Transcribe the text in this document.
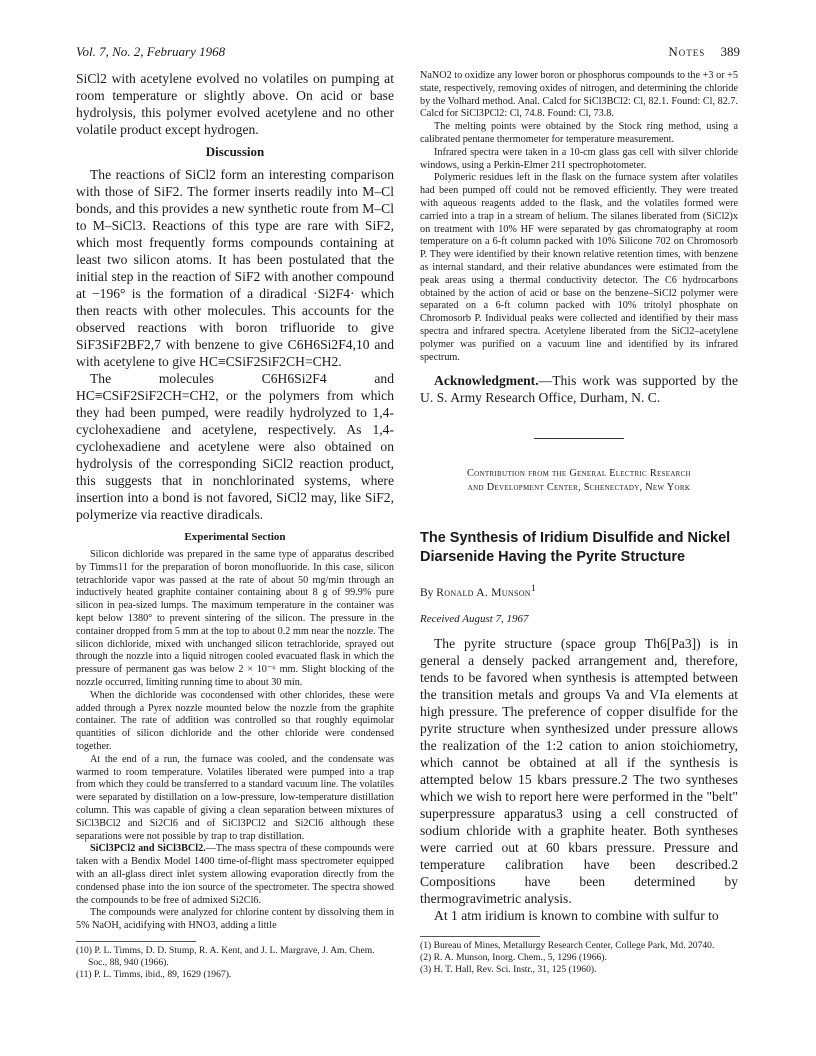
Vol. 7, No. 2, February 1968	Notes 389

SiCl2 with acetylene evolved no volatiles on pumping at room temperature or slightly above. On acid or base hydrolysis, this polymer evolved acetylene and no other volatile product except hydrogen.

Discussion

The reactions of SiCl2 form an interesting comparison with those of SiF2. The former inserts readily into M–Cl bonds, and this provides a new synthetic route from M–Cl to M–SiCl3. Reactions of this type are rare with SiF2, which most frequently forms compounds containing at least two silicon atoms. It has been postulated that the initial step in the reaction of SiF2 with another compound at −196° is the formation of a diradical ·Si2F4· which then reacts with other molecules. This accounts for the observed reactions with boron trifluoride to give SiF3SiF2BF2,7 with benzene to give C6H6Si2F4,10 and with acetylene to give HC≡CSiF2SiF2CH=CH2.

The molecules C6H6Si2F4 and HC≡CSiF2SiF2CH=CH2, or the polymers from which they had been pumped, were readily hydrolyzed to 1,4-cyclohexadiene and acetylene, respectively. As 1,4-cyclohexadiene and acetylene were also obtained on hydrolysis of the corresponding SiCl2 reaction product, this suggests that in nonchlorinated systems, where insertion into a bond is not favored, SiCl2 may, like SiF2, polymerize via reactive diradicals.

Experimental Section

Silicon dichloride was prepared in the same type of apparatus described by Timms11 for the preparation of boron monofluoride. In this case, silicon tetrachloride vapor was passed at the rate of about 50 mg/min through an inductively heated graphite container containing about 8 g of 99.9% pure silicon in pea-sized lumps. The maximum temperature in the container was kept below 1380° to prevent sintering of the silicon. The pressure in the container dropped from 5 mm at the top to about 0.2 mm near the nozzle. The silicon dichloride, mixed with unchanged silicon tetrachloride, sprayed out through the nozzle into a liquid nitrogen cooled evacuated flask in which the pressure of permanent gas was below 2 × 10⁻⁶ mm. Slight blocking of the nozzle occurred, limiting running time to about 30 min.

When the dichloride was cocondensed with other chlorides, these were added through a Pyrex nozzle mounted below the nozzle from the graphite container. The rate of addition was controlled so that roughly equimolar quantities of silicon dichloride and the other chloride were condensed together.

At the end of a run, the furnace was cooled, and the condensate was warmed to room temperature. Volatiles liberated were pumped into a trap from which they could be transferred to a standard vacuum line. The volatiles were separated by distillation on a low-pressure, low-temperature distillation column. This was capable of giving a clean separation between mixtures of SiCl3BCl2 and Si2Cl6 and of SiCl3PCl2 and Si2Cl6 although these separations were not possible by trap to trap distillation.

SiCl3PCl2 and SiCl3BCl2.—The mass spectra of these compounds were taken with a Bendix Model 1400 time-of-flight mass spectrometer equipped with an all-glass direct inlet system allowing evaporation directly from the condensed phase into the ion source of the spectrometer. The spectra showed the compounds to be free of admixed Si2Cl6.

The compounds were analyzed for chlorine content by dissolving them in 5% NaOH, acidifying with HNO3, adding a little

(10) P. L. Timms, D. D. Stump, R. A. Kent, and J. L. Margrave, J. Am. Chem. Soc., 88, 940 (1966).

(11) P. L. Timms, ibid., 89, 1629 (1967).

NaNO2 to oxidize any lower boron or phosphorus compounds to the +3 or +5 state, respectively, removing oxides of nitrogen, and determining the chloride by the Volhard method. Anal. Calcd for SiCl3BCl2: Cl, 82.1. Found: Cl, 82.7. Calcd for SiCl3PCl2: Cl, 74.8. Found: Cl, 73.8.

The melting points were obtained by the Stock ring method, using a calibrated pentane thermometer for temperature measurement.

Infrared spectra were taken in a 10-cm glass gas cell with silver chloride windows, using a Perkin-Elmer 211 spectrophotometer.

Polymeric residues left in the flask on the furnace system after volatiles had been pumped off could not be removed efficiently. They were treated with aqueous reagents added to the flask, and the volatiles formed were carried into a trap in a stream of helium. The silanes liberated from (SiCl2)x on treatment with 10% HF were separated by gas chromatography at room temperature on a 6-ft column packed with 10% Silicone 702 on Chromosorb P. They were identified by their known relative retention times, with benzene as internal standard, and their relative abundances were estimated from the peak areas using a thermal conductivity detector. The C6 hydrocarbons obtained by the action of acid or base on the benzene–SiCl2 polymer were separated on a 6-ft column packed with 10% tritolyl phosphate on Chromosorb P. Individual peaks were collected and identified by their mass spectra and infrared spectra. Acetylene liberated from the SiCl2–acetylene polymer was purified on a vacuum line and identified by its infrared spectrum.

Acknowledgment.—This work was supported by the U. S. Army Research Office, Durham, N. C.

Contribution from the General Electric Research
and Development Center, Schenectady, New York
The Synthesis of Iridium Disulfide and Nickel Diarsenide Having the Pyrite Structure
By Ronald A. Munson$^1$
Received August 7, 1967

The pyrite structure (space group Th6[Pa3]) is in general a densely packed arrangement and, therefore, tends to be favored when synthesis is attempted between the transition metals and groups Va and VIa elements at high pressure. The preference of copper disulfide for the pyrite structure when synthesized under pressure allows the realization of the 1:2 cation to anion stoichiometry, which cannot be obtained at all if the synthesis is attempted below 15 kbars pressure.2 The two syntheses which we wish to report here were performed in the "belt" superpressure apparatus3 using a cell constructed of sodium chloride with a graphite heater. Both syntheses were carried out at 60 kbars pressure. Pressure and temperature calibration have been described.2 Compositions have been determined by thermogravimetric analysis.

At 1 atm iridium is known to combine with sulfur to

(1) Bureau of Mines, Metallurgy Research Center, College Park, Md. 20740.

(2) R. A. Munson, Inorg. Chem., 5, 1296 (1966).

(3) H. T. Hall, Rev. Sci. Instr., 31, 125 (1960).
